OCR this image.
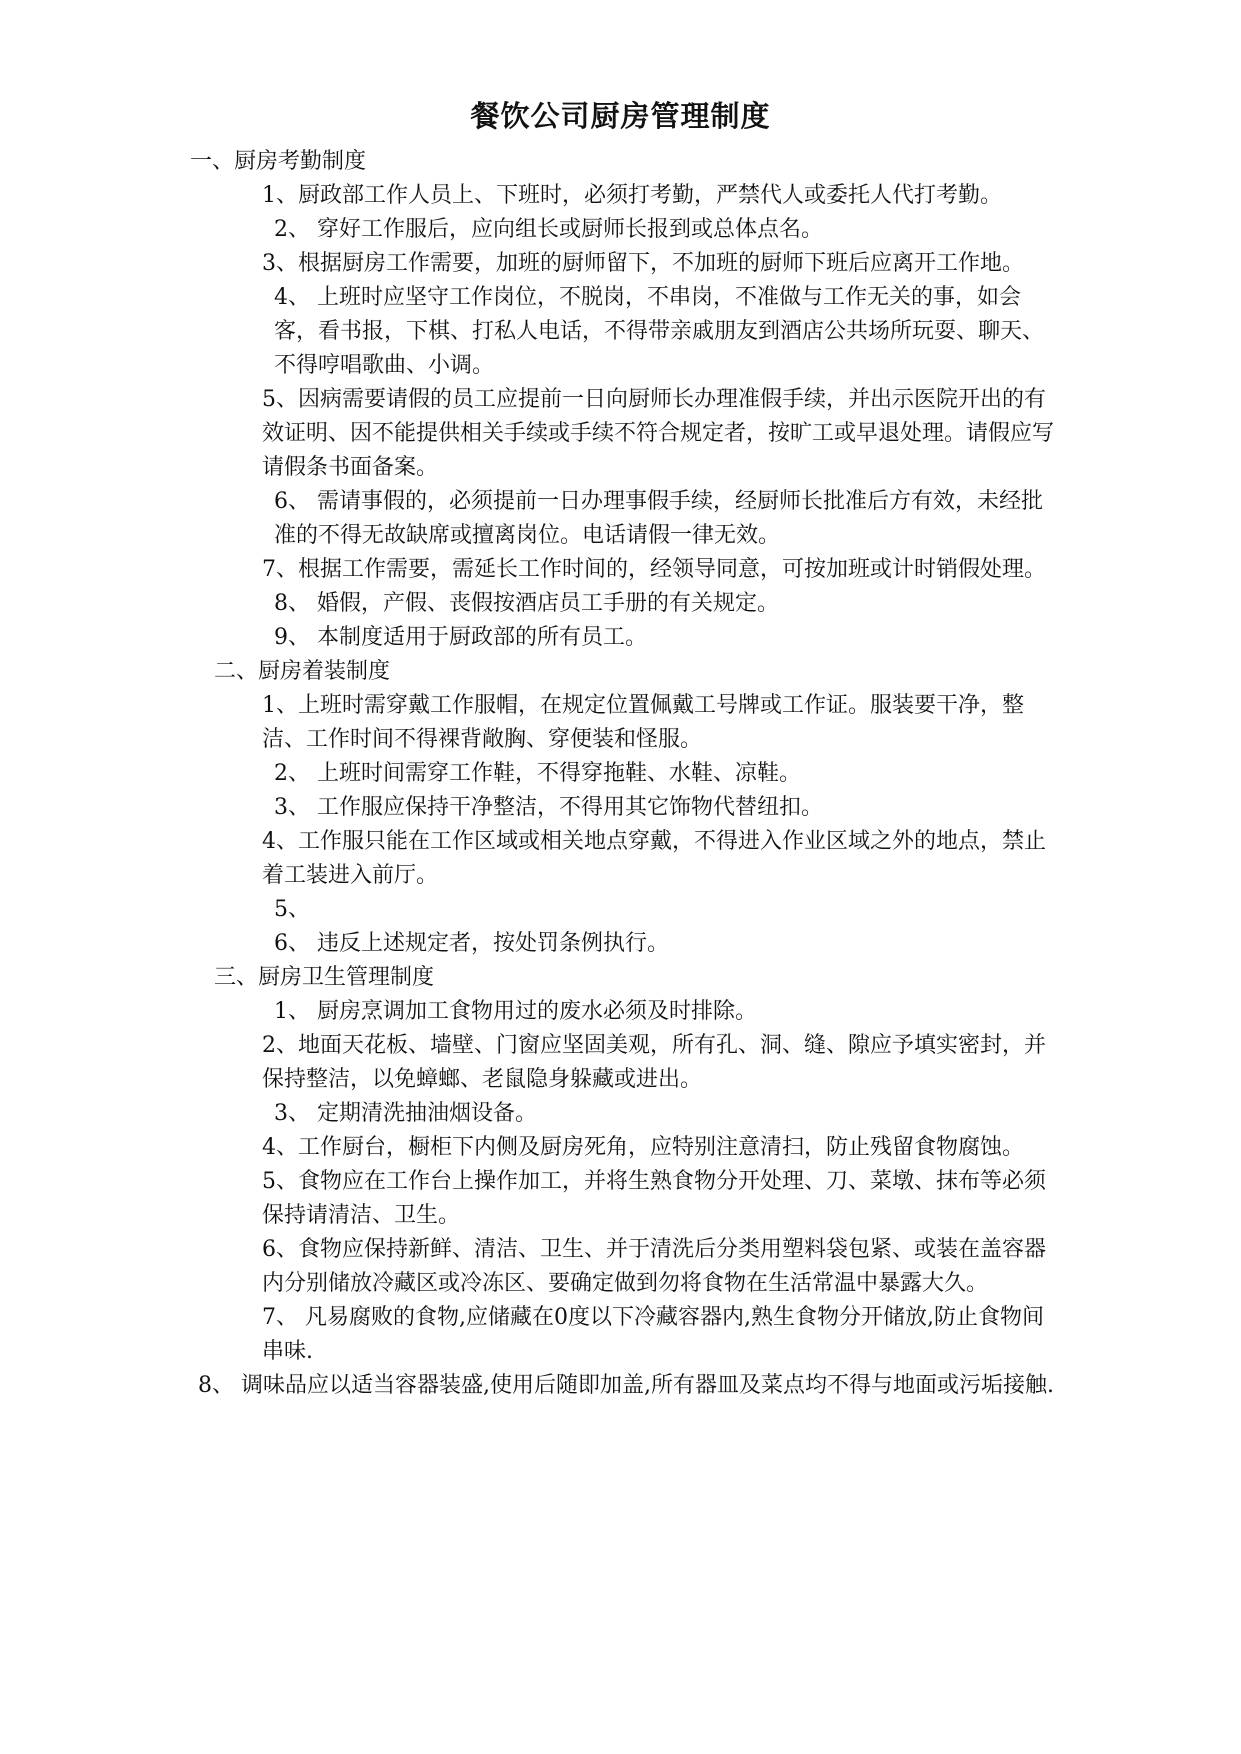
餐饮公司厨房管理制度

一、厨房考勤制度

1、厨政部工作人员上、下班时，必须打考勤，严禁代人或委托人代打考勤。

2、 穿好工作服后，应向组长或厨师长报到或总体点名。

3、根据厨房工作需要，加班的厨师留下，不加班的厨师下班后应离开工作地。

4、 上班时应坚守工作岗位，不脱岗，不串岗，不准做与工作无关的事，如会客，看书报，下棋、打私人电话，不得带亲戚朋友到酒店公共场所玩耍、聊天、不得哼唱歌曲、小调。

5、因病需要请假的员工应提前一日向厨师长办理准假手续，并出示医院开出的有效证明、因不能提供相关手续或手续不符合规定者，按旷工或早退处理。请假应写请假条书面备案。

6、 需请事假的，必须提前一日办理事假手续，经厨师长批准后方有效，未经批准的不得无故缺席或擅离岗位。电话请假一律无效。

7、根据工作需要，需延长工作时间的，经领导同意，可按加班或计时销假处理。

8、 婚假，产假、丧假按酒店员工手册的有关规定。

9、 本制度适用于厨政部的所有员工。

二、厨房着装制度

1、上班时需穿戴工作服帽，在规定位置佩戴工号牌或工作证。服装要干净，整洁、工作时间不得裸背敞胸、穿便装和怪服。

2、 上班时间需穿工作鞋，不得穿拖鞋、水鞋、凉鞋。

3、 工作服应保持干净整洁，不得用其它饰物代替纽扣。

4、工作服只能在工作区域或相关地点穿戴，不得进入作业区域之外的地点，禁止着工装进入前厅。

5、

6、 违反上述规定者，按处罚条例执行。

三、厨房卫生管理制度

1、 厨房烹调加工食物用过的废水必须及时排除。

2、地面天花板、墙壁、门窗应坚固美观，所有孔、洞、缝、隙应予填实密封，并保持整洁，以免蟑螂、老鼠隐身躲藏或进出。

3、 定期清洗抽油烟设备。

4、工作厨台，橱柜下内侧及厨房死角，应特别注意清扫，防止残留食物腐蚀。

5、食物应在工作台上操作加工，并将生熟食物分开处理、刀、菜墩、抹布等必须保持请清洁、卫生。

6、食物应保持新鲜、清洁、卫生、并于清洗后分类用塑料袋包紧、或装在盖容器内分别储放冷藏区或冷冻区、要确定做到勿将食物在生活常温中暴露大久。

7、 凡易腐败的食物,应储藏在0度以下冷藏容器内,熟生食物分开储放,防止食物间串味.

8、 调味品应以适当容器装盛,使用后随即加盖,所有器皿及菜点均不得与地面或污垢接触.
